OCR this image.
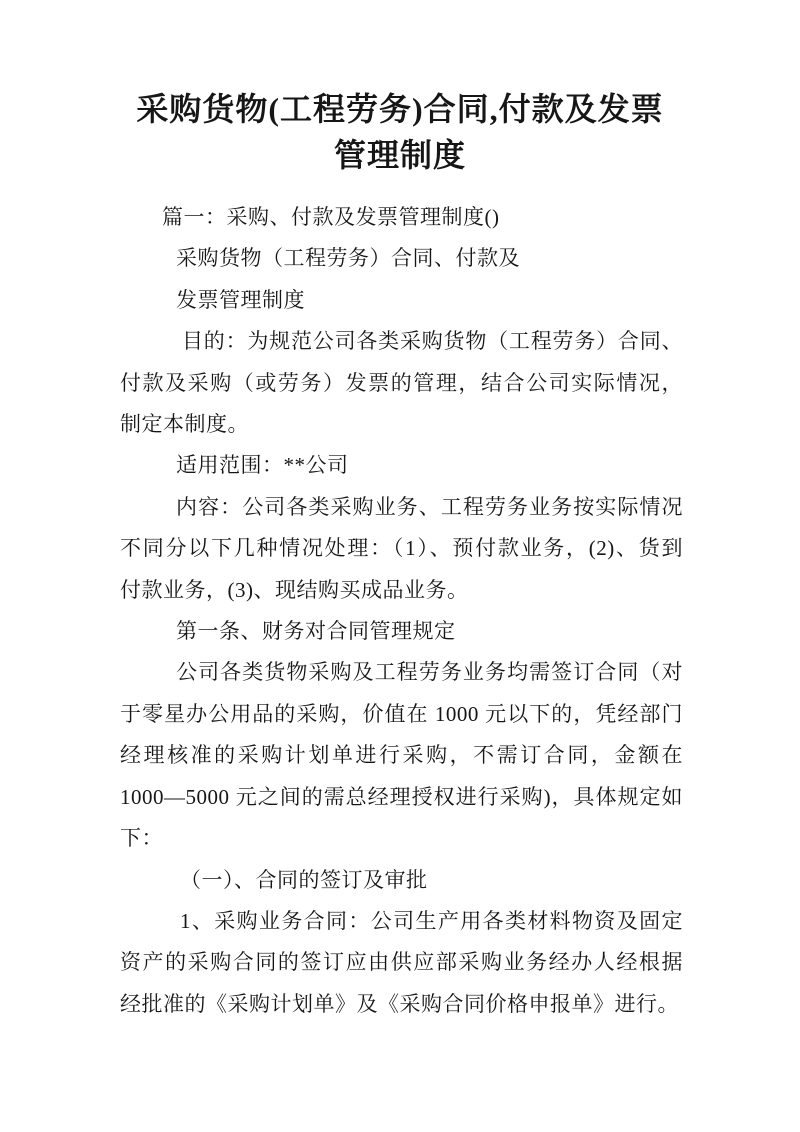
采购货物(工程劳务)合同,付款及发票
管理制度
篇一：采购、付款及发票管理制度()
采购货物（工程劳务）合同、付款及
发票管理制度
目的：为规范公司各类采购货物（工程劳务）合同、
付款及采购（或劳务）发票的管理，结合公司实际情况，
制定本制度。
适用范围：**公司
内容：公司各类采购业务、工程劳务业务按实际情况
不同分以下几种情况处理：（1）、预付款业务，(2)、货到
付款业务，(3)、现结购买成品业务。
第一条、财务对合同管理规定
公司各类货物采购及工程劳务业务均需签订合同（对
于零星办公用品的采购，价值在 1000 元以下的，凭经部门
经理核准的采购计划单进行采购，不需订合同，金额在
1000—5000 元之间的需总经理授权进行采购)，具体规定如
下：
（一）、合同的签订及审批
1、采购业务合同：公司生产用各类材料物资及固定
资产的采购合同的签订应由供应部采购业务经办人经根据
经批准的《采购计划单》及《采购合同价格申报单》进行。
